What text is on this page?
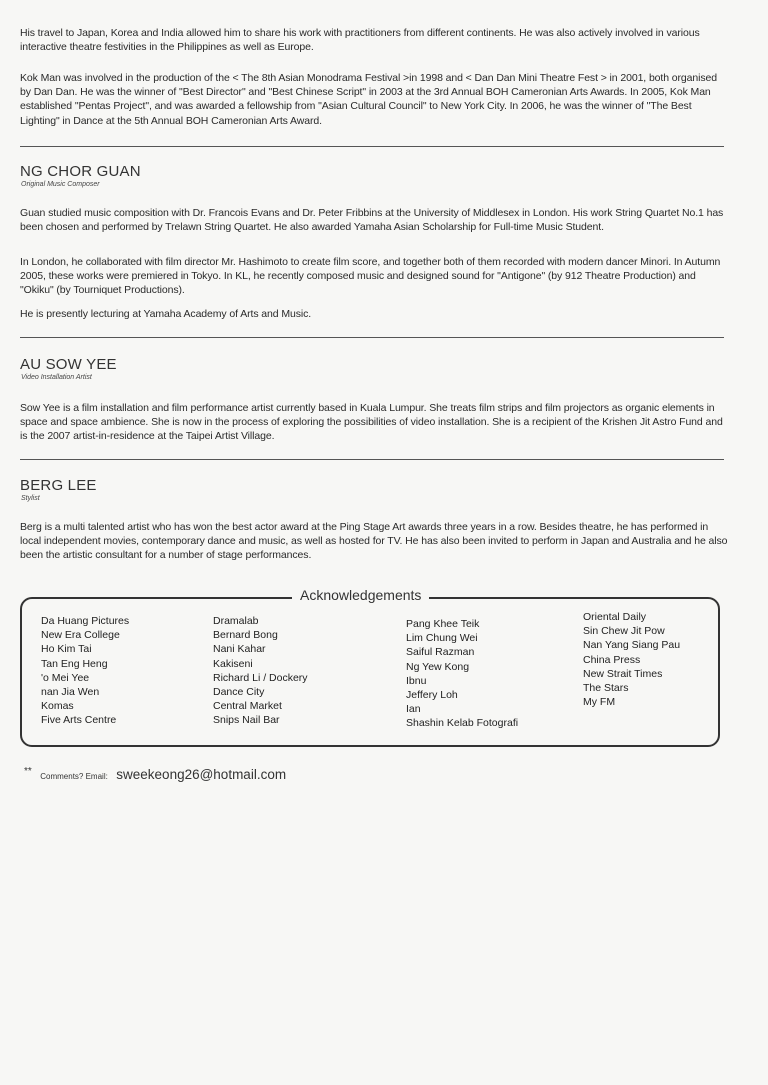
His travel to Japan, Korea and India allowed him to share his work with practitioners from different continents. He was also actively involved in various interactive theatre festivities in the Philippines as well as Europe.

Kok Man was involved in the production of the < The 8th Asian Monodrama Festival >in 1998 and < Dan Dan Mini Theatre Fest > in 2001, both organised by Dan Dan. He was the winner of "Best Director" and "Best Chinese Script" in 2003 at the 3rd Annual BOH Cameronian Arts Awards. In 2005, Kok Man established "Pentas Project", and was awarded a fellowship from "Asian Cultural Council" to New York City. In 2006, he was the winner of "The Best Lighting" in Dance at the 5th Annual BOH Cameronian Arts Award.

NG CHOR GUAN
Original Music Composer

Guan studied music composition with Dr. Francois Evans and Dr. Peter Fribbins at the University of Middlesex in London. His work String Quartet No.1 has been chosen and performed by Trelawn String Quartet. He also awarded Yamaha Asian Scholarship for Full-time Music Student.

In London, he collaborated with film director Mr. Hashimoto to create film score, and together both of them recorded with modern dancer Minori. In Autumn 2005, these works were premiered in Tokyo. In KL, he recently composed music and designed sound for "Antigone" (by 912 Theatre Production) and "Okiku" (by Tourniquet Productions).

He is presently lecturing at Yamaha Academy of Arts and Music.

AU SOW YEE
Video Installation Artist

Sow Yee is a film installation and film performance artist currently based in Kuala Lumpur. She treats film strips and film projectors as organic elements in space and space ambience. She is now in the process of exploring the possibilities of video installation. She is a recipient of the Krishen Jit Astro Fund and is the 2007 artist-in-residence at the Taipei Artist Village.

BERG LEE
Stylist

Berg is a multi talented artist who has won the best actor award at the Ping Stage Art awards three years in a row. Besides theatre, he has performed in local independent movies, contemporary dance and music, as well as hosted for TV. He has also been invited to perform in Japan and Australia and he also been the artistic consultant for a number of stage performances.

Acknowledgements
Da Huang Pictures
New Era College
Ho Kim Tai
Tan Eng Heng
'o Mei Yee
nan Jia Wen
Komas
Five Arts Centre
Dramalab
Bernard Bong
Nani Kahar
Kakiseni
Richard Li / Dockery
Dance City
Central Market
Snips Nail Bar
Pang Khee Teik
Lim Chung Wei
Saiful Razman
Ng Yew Kong
Ibnu
Jeffery Loh
Ian
Shashin Kelab Fotografi
Oriental Daily
Sin Chew Jit Pow
Nan Yang Siang Pau
China Press
New Strait Times
The Stars
My FM
** Comments? Email: sweekeong26@hotmail.com
